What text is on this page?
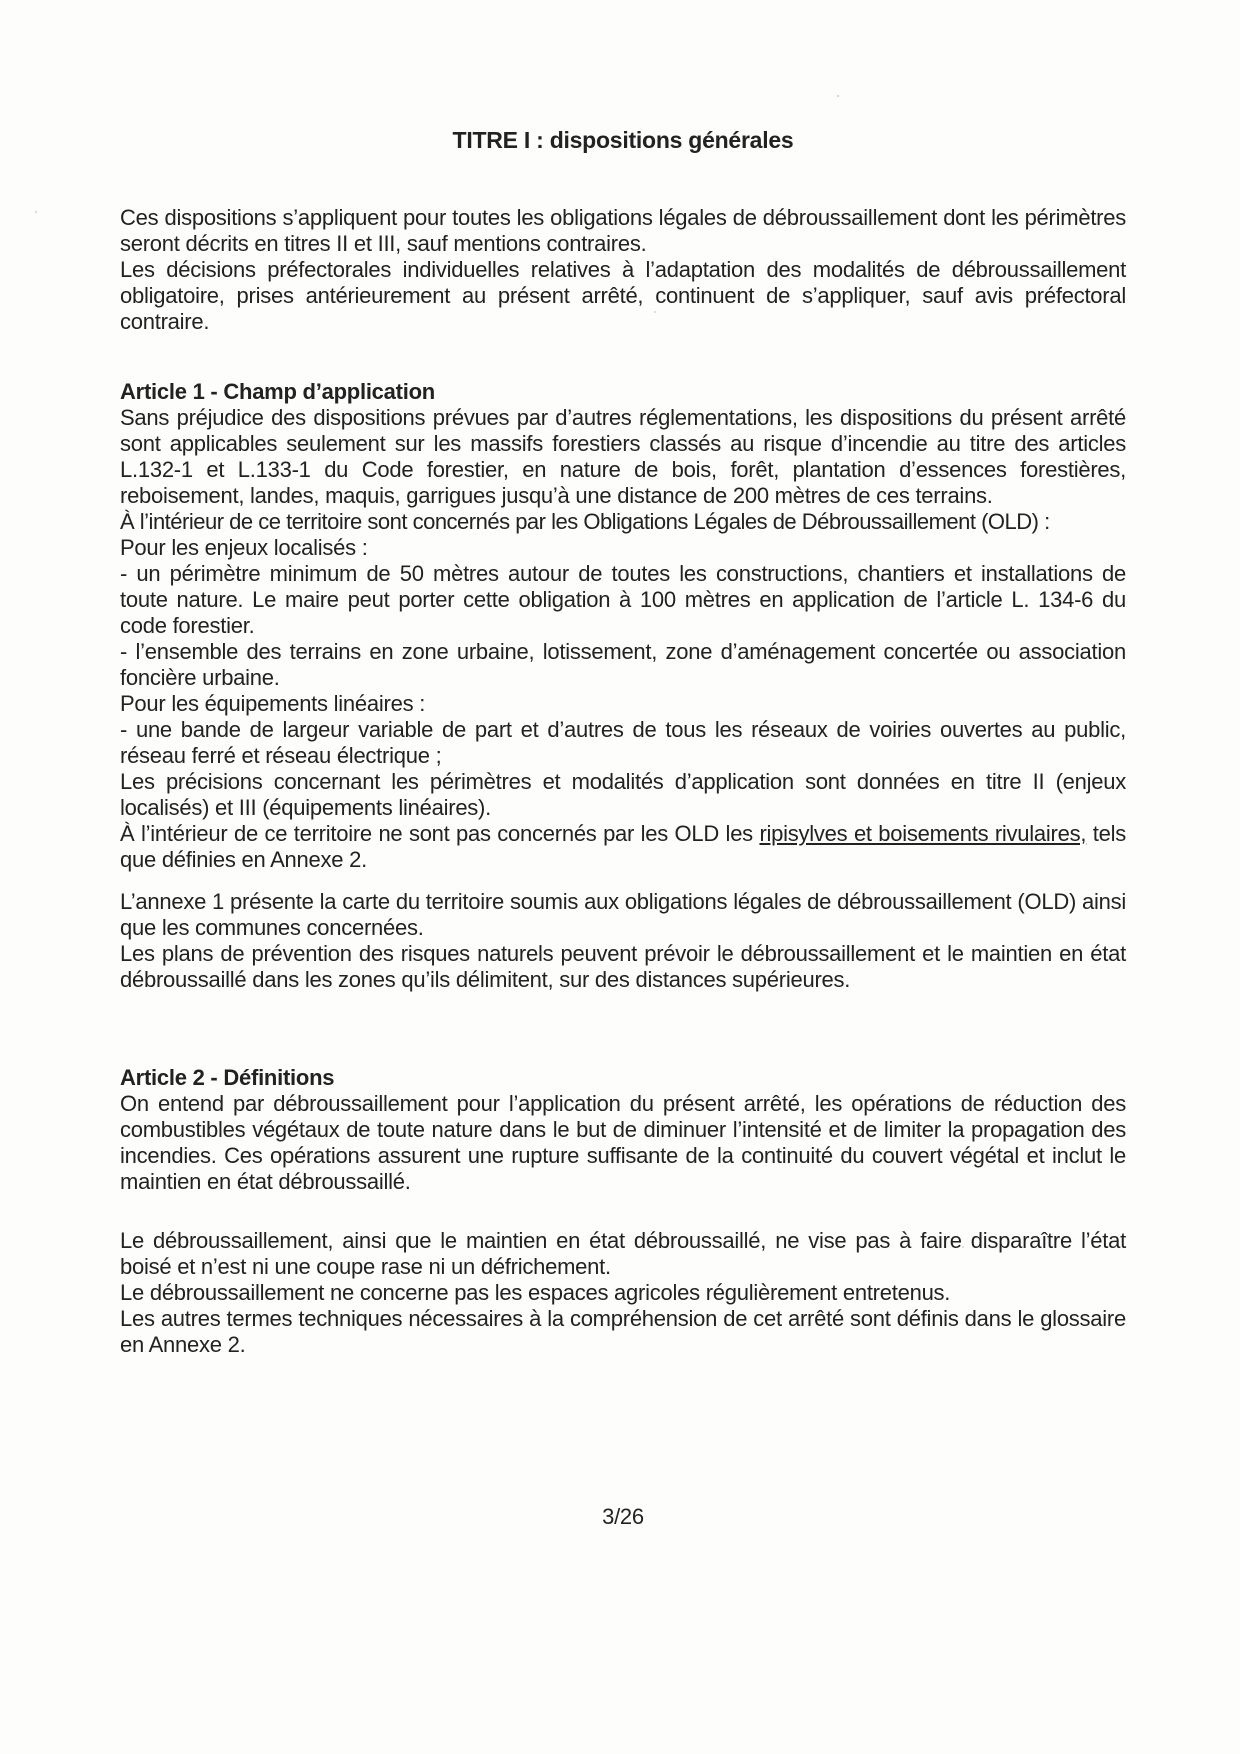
TITRE I : dispositions générales

Ces dispositions s’appliquent pour toutes les obligations légales de débroussaillement dont les périmètres seront décrits en titres II et III, sauf mentions contraires.

Les décisions préfectorales individuelles relatives à l’adaptation des modalités de débroussaillement obligatoire, prises antérieurement au présent arrêté, continuent de s’appliquer, sauf avis préfectoral contraire.

Article 1 - Champ d’application

Sans préjudice des dispositions prévues par d’autres réglementations, les dispositions du présent arrêté sont applicables seulement sur les massifs forestiers classés au risque d’incendie au titre des articles L.132-1 et L.133-1 du Code forestier, en nature de bois, forêt, plantation d’essences forestières, reboisement, landes, maquis, garrigues jusqu’à une distance de 200 mètres de ces terrains.

À l’intérieur de ce territoire sont concernés par les Obligations Légales de Débroussaillement (OLD) :

Pour les enjeux localisés :

- un périmètre minimum de 50 mètres autour de toutes les constructions, chantiers et installations de toute nature. Le maire peut porter cette obligation à 100 mètres en application de l’article L. 134-6 du code forestier.

- l’ensemble des terrains en zone urbaine, lotissement, zone d’aménagement concertée ou association foncière urbaine.

Pour les équipements linéaires :

- une bande de largeur variable de part et d’autres de tous les réseaux de voiries ouvertes au public, réseau ferré et réseau électrique ;

Les précisions concernant les périmètres et modalités d’application sont données en titre II (enjeux localisés) et III (équipements linéaires).

À l’intérieur de ce territoire ne sont pas concernés par les OLD les ripisylves et boisements rivulaires, tels que définies en Annexe 2.

L’annexe 1 présente la carte du territoire soumis aux obligations légales de débroussaillement (OLD) ainsi que les communes concernées.

Les plans de prévention des risques naturels peuvent prévoir le débroussaillement et le maintien en état débroussaillé dans les zones qu’ils délimitent, sur des distances supérieures.

Article 2 - Définitions

On entend par débroussaillement pour l’application du présent arrêté, les opérations de réduction des combustibles végétaux de toute nature dans le but de diminuer l’intensité et de limiter la propagation des incendies. Ces opérations assurent une rupture suffisante de la continuité du couvert végétal et inclut le maintien en état débroussaillé.

Le débroussaillement, ainsi que le maintien en état débroussaillé, ne vise pas à faire disparaître l’état boisé et n’est ni une coupe rase ni un défrichement.

Le débroussaillement ne concerne pas les espaces agricoles régulièrement entretenus.

Les autres termes techniques nécessaires à la compréhension de cet arrêté sont définis dans le glossaire en Annexe 2.

3/26
